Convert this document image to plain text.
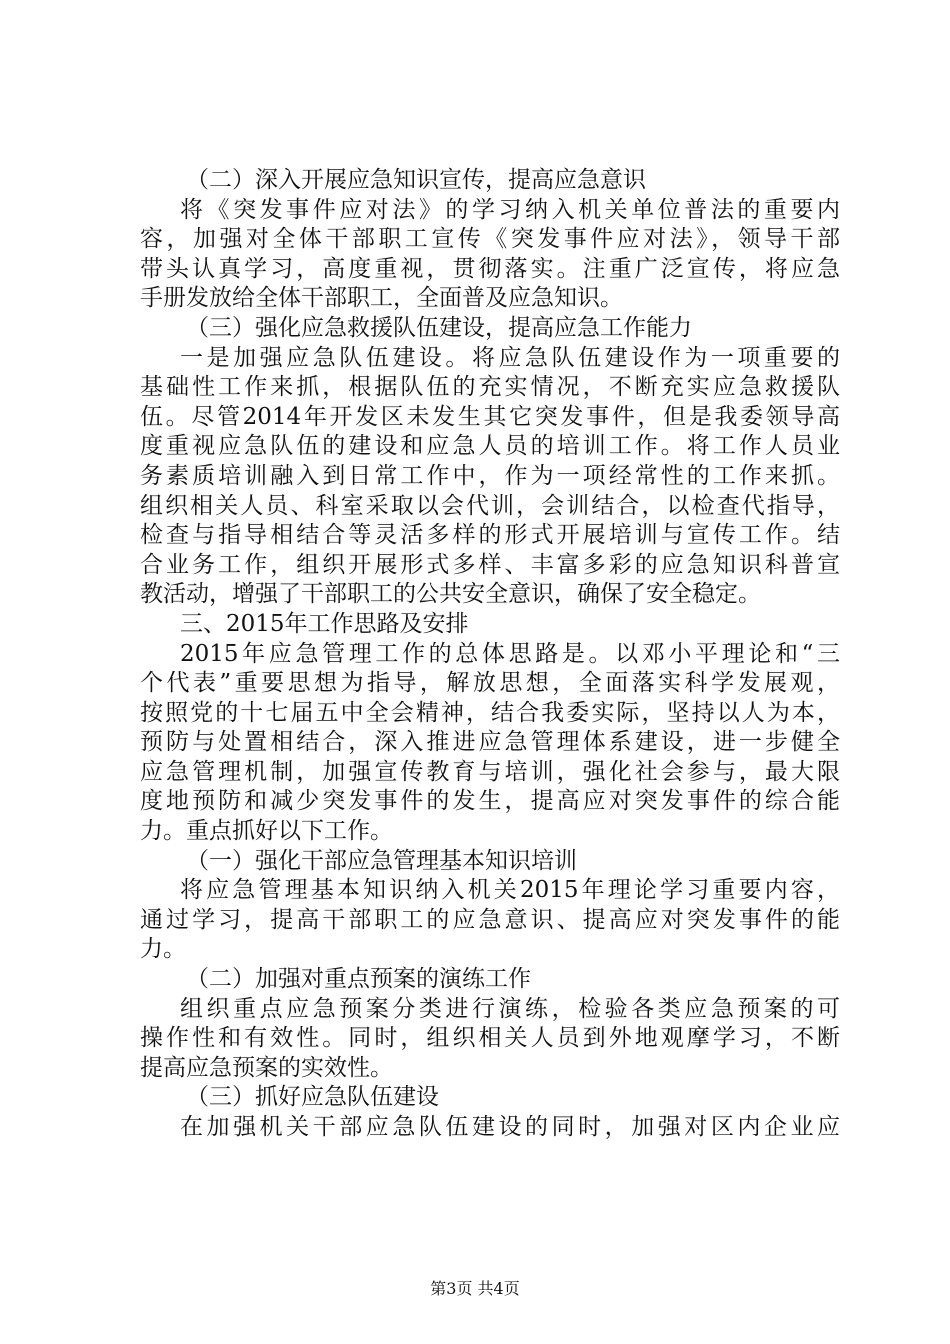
（二）深入开展应急知识宣传，提高应急意识
将《突发事件应对法》的学习纳入机关单位普法的重要内
容，加强对全体干部职工宣传《突发事件应对法》，领导干部
带头认真学习，高度重视，贯彻落实。注重广泛宣传，将应急
手册发放给全体干部职工，全面普及应急知识。
（三）强化应急救援队伍建设，提高应急工作能力
一是加强应急队伍建设。将应急队伍建设作为一项重要的
基础性工作来抓，根据队伍的充实情况，不断充实应急救援队
伍。尽管2014年开发区未发生其它突发事件，但是我委领导高
度重视应急队伍的建设和应急人员的培训工作。将工作人员业
务素质培训融入到日常工作中，作为一项经常性的工作来抓。
组织相关人员、科室采取以会代训，会训结合，以检查代指导，
检查与指导相结合等灵活多样的形式开展培训与宣传工作。结
合业务工作，组织开展形式多样、丰富多彩的应急知识科普宣
教活动，增强了干部职工的公共安全意识，确保了安全稳定。
三、2015年工作思路及安排
2015年应急管理工作的总体思路是。以邓小平理论和“三
个代表”重要思想为指导，解放思想，全面落实科学发展观，
按照党的十七届五中全会精神，结合我委实际，坚持以人为本，
预防与处置相结合，深入推进应急管理体系建设，进一步健全
应急管理机制，加强宣传教育与培训，强化社会参与，最大限
度地预防和减少突发事件的发生，提高应对突发事件的综合能
力。重点抓好以下工作。
（一）强化干部应急管理基本知识培训
将应急管理基本知识纳入机关2015年理论学习重要内容，
通过学习，提高干部职工的应急意识、提高应对突发事件的能
力。
（二）加强对重点预案的演练工作
组织重点应急预案分类进行演练，检验各类应急预案的可
操作性和有效性。同时，组织相关人员到外地观摩学习，不断
提高应急预案的实效性。
（三）抓好应急队伍建设
在加强机关干部应急队伍建设的同时，加强对区内企业应
第3页 共4页
